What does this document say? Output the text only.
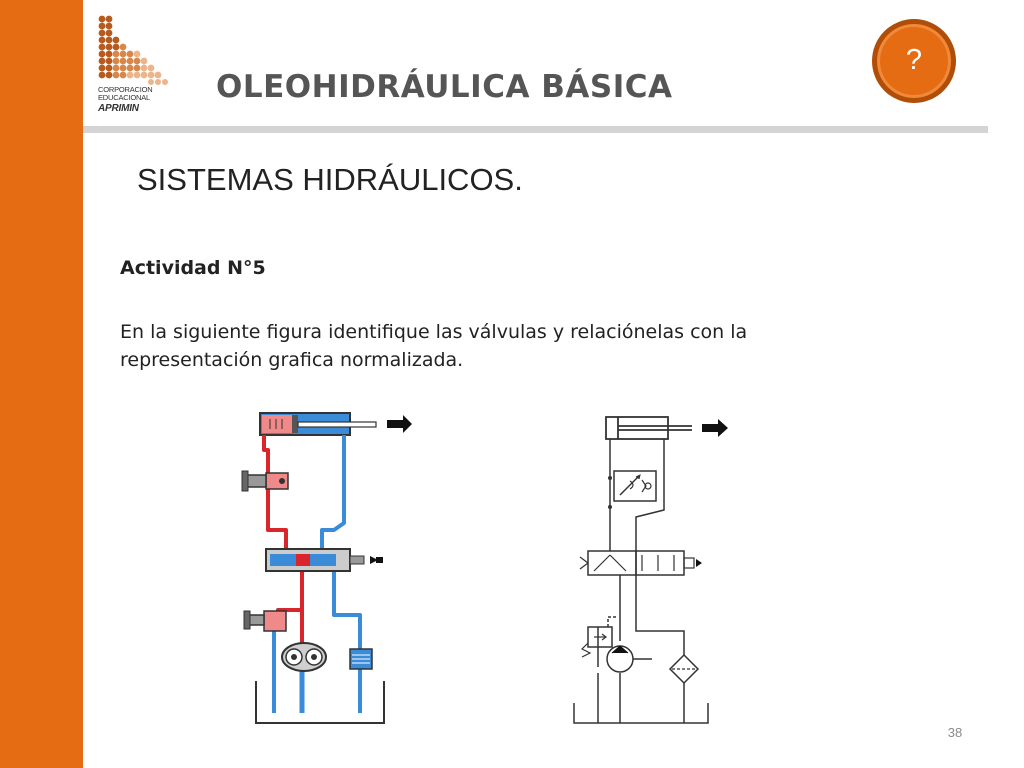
CORPORACION
EDUCACIONAL
APRIMIN
OLEOHIDRÁULICA BÁSICA
?
SISTEMAS HIDRÁULICOS.
Actividad N°5
En la siguiente figura identifique las válvulas y relaciónelas con la representación grafica normalizada.
38
